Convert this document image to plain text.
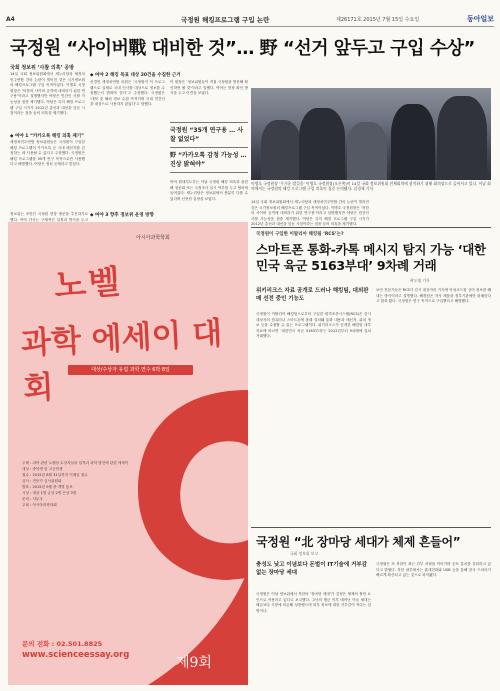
A4	국정원 해킹프로그램 구입 논란	제26171호 2015년 7월 15일 수요일	동아일보
국정원 “사이버戰 대비한 것”… 野 “선거 앞두고 구입 수상”
국회 정보위 ‘사찰 의혹’ 공방
14일 국회 정보위원회에서 새누리당과 새정치민주연합 간의 논란이 벌어진 것은 국가정보원의 해킹프로그램 구입 목적이었다. 이병호 국정원장은 ‘북한의 사이버 공격에 대비하기 위한 연구용’이라고 설명했지만 야당은 민간인 사찰 가능성을 집중 제기했다. 야당은 특히 해킹 프로그램 구입 시기가 2012년 총선과 대선을 앞둔 시점이라는 점을 들어 의혹을 제기했다.
◆ 여야 1 “카카오톡 해킹 의혹 제기”
새정치민주연합 정보위원들은 국정원이 구입한 해킹 프로그램이 카카오톡 등 국내 메신저를 감청하는 데 사용될 수 있다고 주장했다. 국정원은 해킹 프로그램을 35개 연구 목적으로만 사용했다고 해명했다. 여당은 정치 공세라고 맞섰다.
◆ 여야 2 해킹 목표 대상 20건을 수집한 근거
신경민 새정치연합 의원은 ‘국정원이 이 프로그램으로 실제로 국내 인사를 대상으로 정보를 수집했는지 밝혀야 한다’고 주장했다. 국정원은 ‘대북 및 해외 정보 수집 목적이며 국내 민간인을 대상으로 사용하지 않았다’고 답했다.
이 원장은 ‘정보위원들이 직접 국정원을 방문해 확인하면 될 것’이라고 말했다. 여야는 현장 확인 방식을 두고 이견을 보였다.
국정원 “35개 연구용 … 사찰 없었다”
野 “카카오톡 감청 가능성 … 진상 밝혀야”
여야 원내지도부는 이날 국정원 해킹 의혹과 관련해 청문회 또는 국정조사 실시 여부를 두고 협의에 들어갔다. 새누리당은 정보위에서 충분히 다룰 수 있다며 신중한 입장을 보였다.
◆ 여야 3 향후 정보위 운영 방향
정보위는 조만간 국정원 현장 방문을 추진하기로 했다. 여야 간사는 구체적인 일정과 방식을 두고
이병호 국정원장 ‘무거운 발걸음’ 이병호 국정원장(오른쪽)이 14일 국회 정보위원회 전체회의에 참석하기 위해 회의장으로 들어서고 있다. 이날 회의에서는 국정원의 해킹 프로그램 구입 의혹이 집중 논의됐다. 김경제 기자
아시아과학학회
노벨
과학 에세이 대회	대상/수상자 유럽 과학 연수 6박 8일
주제 : 과학 관련 노벨상 수상자들의 업적과 과학 발전에 관한 에세이
대상 : 중학생 및 고등학생
접수 : 2015년 8월 31일까지 이메일 접수
심사 : 전문가 심사위원회
발표 : 2015년 9월 중 개별 통보
시상 : 대상 1명 금상 2명 은상 3명
문의 : 사무국
주최 : 아시아과학학회
문의 전화 : 02.501.8825
www.scienceessay.org	제9회
14일 국회 정보위원회에서 새누리당과 새정치민주연합 간의 논란이 벌어진 것은 국가정보원의 해킹프로그램 구입 목적이었다. 이병호 국정원장은 ‘북한의 사이버 공격에 대비하기 위한 연구용’이라고 설명했지만 야당은 민간인 사찰 가능성을 집중 제기했다. 야당은 특히 해킹 프로그램 구입 시기가 2012년 총선과 대선을 앞둔 시점이라는 점을 들어 의혹을 제기했다.
국정원이 구입한 이탈리아 해킹팀 ‘RCS’는?
스마트폰 통화-카톡 메시지 탐지 가능 ‘대한민국 육군 5163부대’ 9차례 거래
곽도영 기자
위키리크스 자료 공개로 드러나 해킹팀, 대외판매 선전 중인 기능도
국정원이 이탈리아 해킹팀으로부터 구입한 원격조종시스템(RCS)은 감시 대상자의 컴퓨터나 스마트폰에 몰래 설치돼 통화 내용과 메신저, 위치 정보 등을 수집할 수 있는 프로그램이다. 위키리크스가 공개한 해킹팀 내부 자료에 따르면 ‘대한민국 육군 5163부대’는 2012년부터 9차례에 걸쳐 거래했다.
보안 전문가들은 RCS가 감시 대상자의 기기에 악성코드를 심어 정보를 빼내는 방식이라고 설명했다. 해킹팀은 자사 제품을 정부기관에만 판매한다고 밝혀 왔다. 국정원은 연구 목적으로 구입했다고 해명했다.
국정원 “北 장마당 세대가 체제 흔들어”
국회 정보위 보고
충성도 낮고 이념보다 돈벌이 IT기술에 거부감 없는 장마당 세대
국정원은 이날 정보위에서 북한의 ‘장마당 세대’가 김정은 체제의 불안 요인으로 작용하고 있다고 보고했다. 고난의 행군 이후 태어난 이들 세대는 배급보다 시장에 의존해 성장했으며 외부 정보에 대한 거부감이 적다는 설명이다.
국정원은 또 북한이 최근 간부 처형을 이어가며 공포 통치를 강화하고 있다고 밝혔다. 북한 내부에서는 휴대전화와 USB 등을 통해 한국 드라마가 빠르게 확산되고 있는 것으로 파악됐다.
